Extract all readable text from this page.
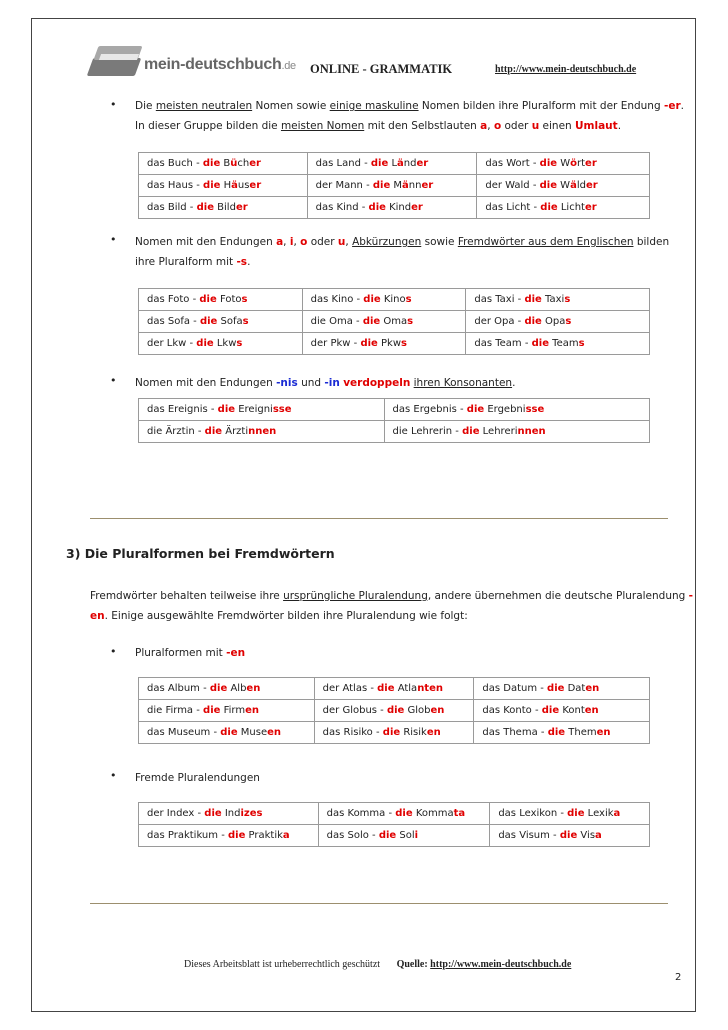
mein-deutschbuch.de ONLINE - GRAMMATIK	http://www.mein-deutschbuch.de
• Die meisten neutralen Nomen sowie einige maskuline Nomen bilden ihre Pluralform mit der Endung -er.
In dieser Gruppe bilden die meisten Nomen mit den Selbstlauten a, o oder u einen Umlaut.
das Buch - die Bücher	das Land - die Länder	das Wort - die Wörter
das Haus - die Häuser	der Mann - die Männer	der Wald - die Wälder
das Bild - die Bilder	das Kind - die Kinder	das Licht - die Lichter
• Nomen mit den Endungen a, i, o oder u, Abkürzungen sowie Fremdwörter aus dem Englischen bilden
ihre Pluralform mit -s.
das Foto - die Fotos	das Kino - die Kinos	das Taxi - die Taxis
das Sofa - die Sofas	die Oma - die Omas	der Opa - die Opas
der Lkw - die Lkws	der Pkw - die Pkws	das Team - die Teams
• Nomen mit den Endungen -nis und -in verdoppeln ihren Konsonanten.
das Ereignis - die Ereignisse	das Ergebnis - die Ergebnisse
die Ärztin - die Ärztinnen	die Lehrerin - die Lehrerinnen
3) Die Pluralformen bei Fremdwörtern
Fremdwörter behalten teilweise ihre ursprüngliche Pluralendung, andere übernehmen die deutsche Pluralendung -
en. Einige ausgewählte Fremdwörter bilden ihre Pluralendung wie folgt:
• Pluralformen mit -en
das Album - die Alben	der Atlas - die Atlanten	das Datum - die Daten
die Firma - die Firmen	der Globus - die Globen	das Konto - die Konten
das Museum - die Museen	das Risiko - die Risiken	das Thema - die Themen
• Fremde Pluralendungen
der Index - die Indizes	das Komma - die Kommata	das Lexikon - die Lexika
das Praktikum - die Praktika	das Solo - die Soli	das Visum - die Visa
Dieses Arbeitsblatt ist urheberrechtlich geschützt Quelle: http://www.mein-deutschbuch.de
2
